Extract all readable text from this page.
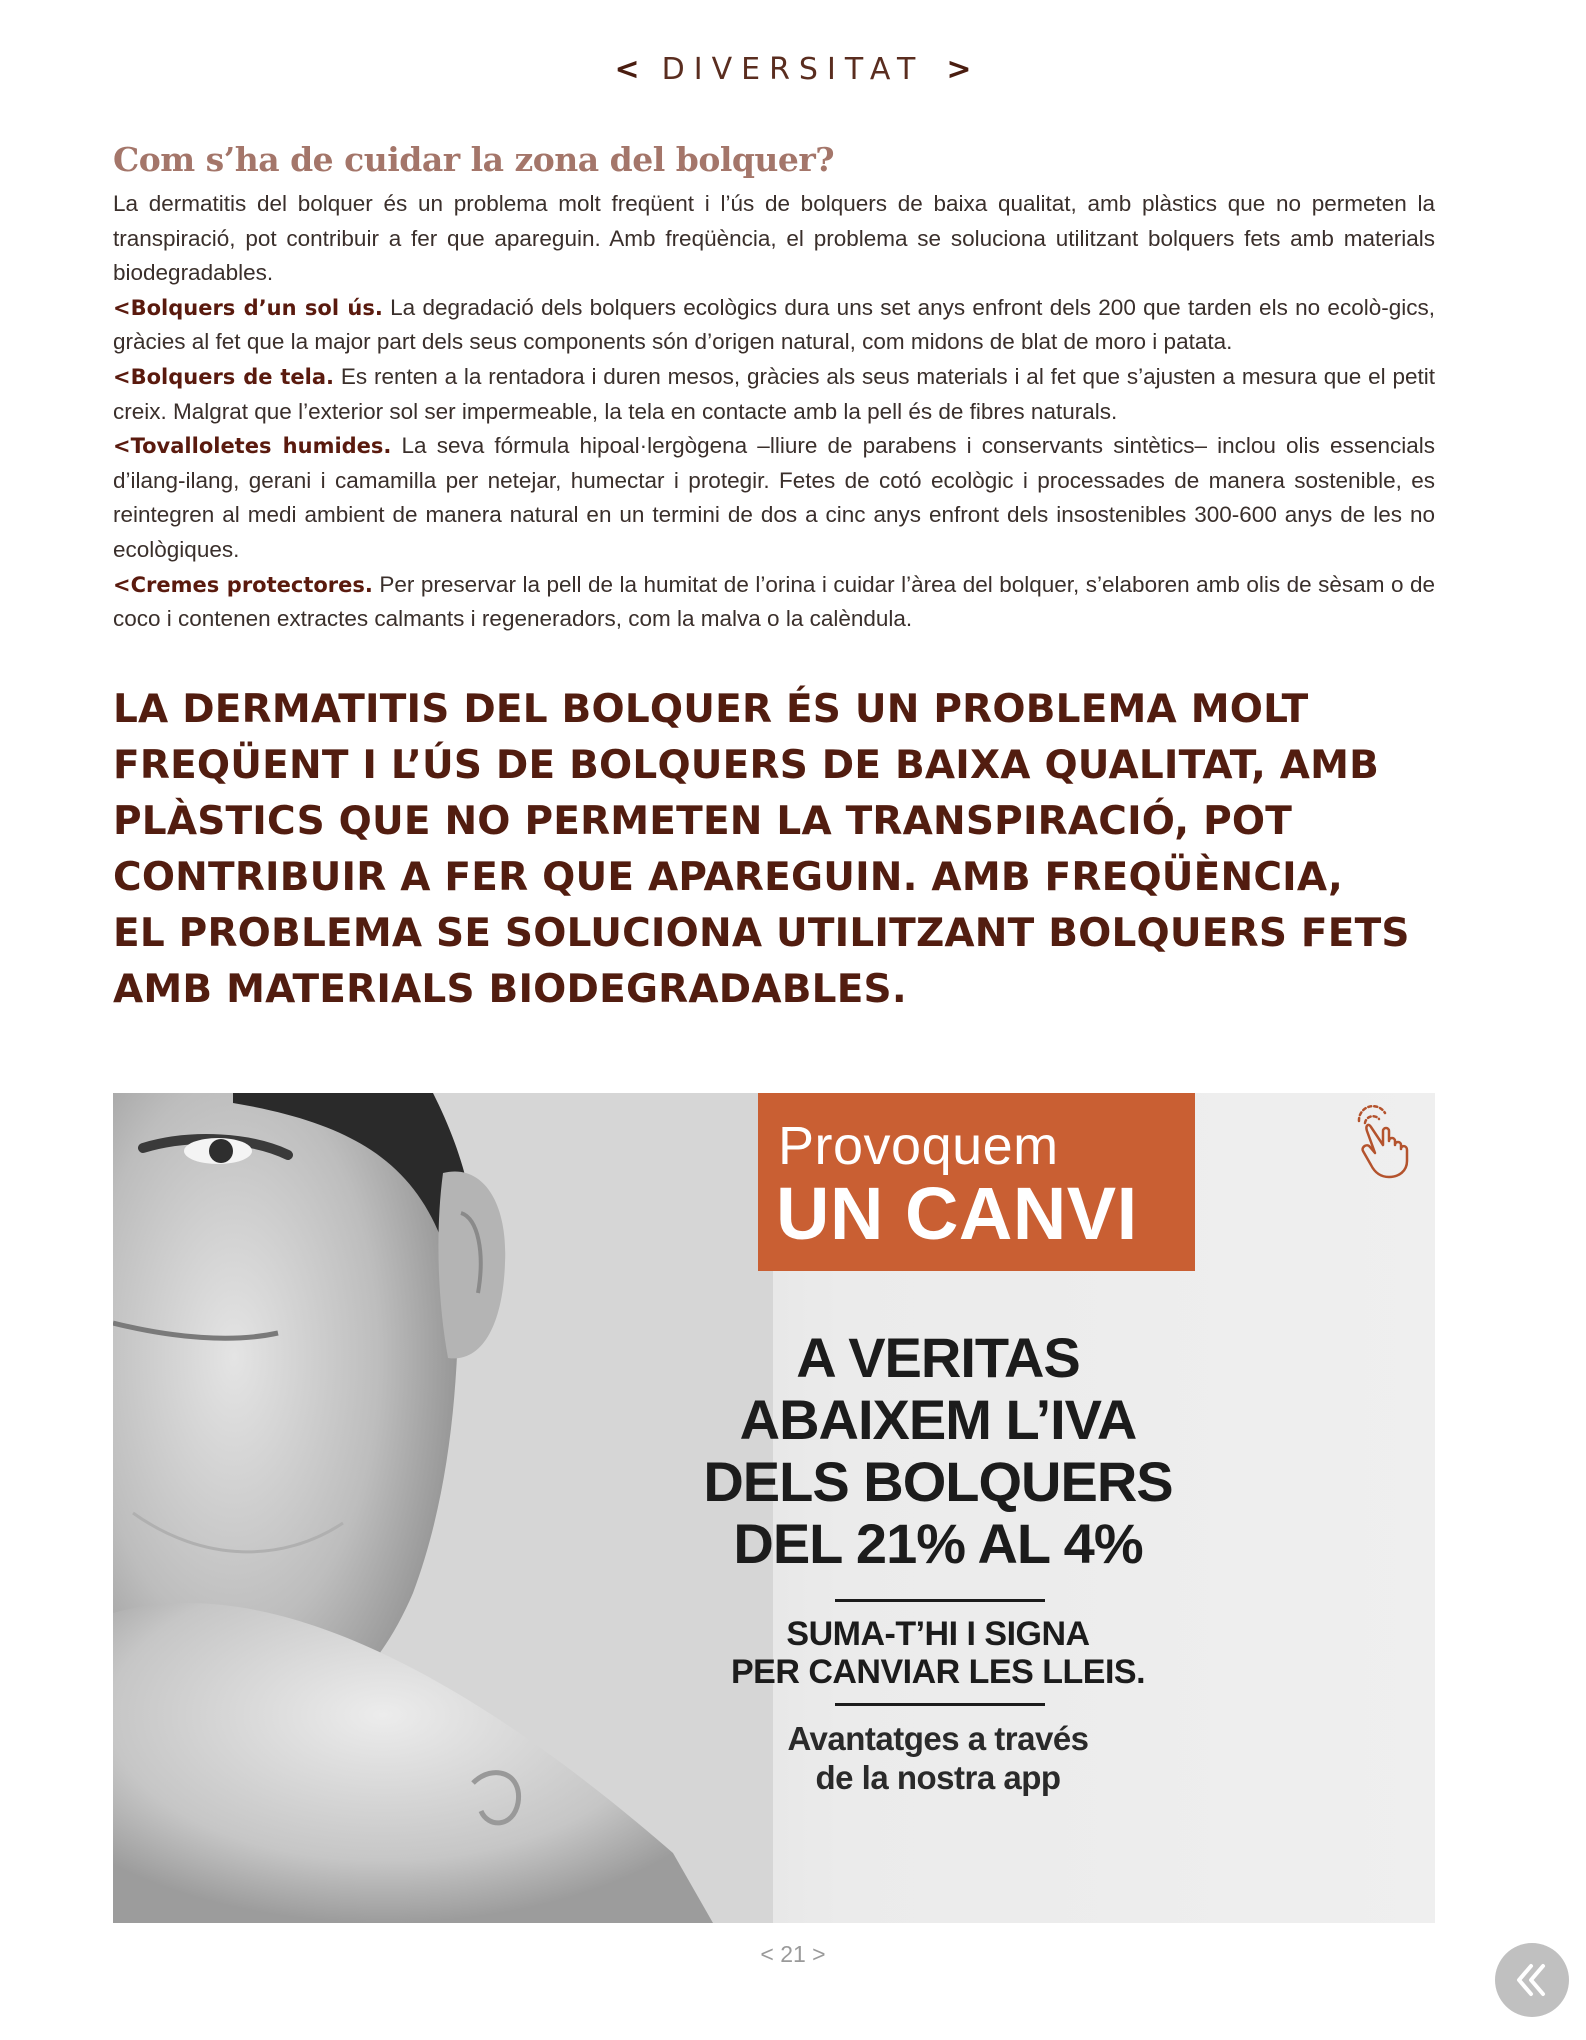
< DIVERSITAT >
Com s’ha de cuidar la zona del bolquer?

La dermatitis del bolquer és un problema molt freqüent i l’ús de bolquers de baixa qualitat, amb plàstics que no permeten la transpiració, pot contribuir a fer que apareguin. Amb freqüència, el problema se soluciona utilitzant bolquers fets amb materials biodegradables.

<Bolquers d’un sol ús. La degradació dels bolquers ecològics dura uns set anys enfront dels 200 que tarden els no ecolò-gics, gràcies al fet que la major part dels seus components són d’origen natural, com midons de blat de moro i patata.

<Bolquers de tela. Es renten a la rentadora i duren mesos, gràcies als seus materials i al fet que s’ajusten a mesura que el petit creix. Malgrat que l’exterior sol ser impermeable, la tela en contacte amb la pell és de fibres naturals.

<Tovalloletes humides. La seva fórmula hipoal·lergògena –lliure de parabens i conservants sintètics– inclou olis essencials d’ilang-ilang, gerani i camamilla per netejar, humectar i protegir. Fetes de cotó ecològic i processades de manera sostenible, es reintegren al medi ambient de manera natural en un termini de dos a cinc anys enfront dels insostenibles 300-600 anys de les no ecològiques.

<Cremes protectores. Per preservar la pell de la humitat de l’orina i cuidar l’àrea del bolquer, s’elaboren amb olis de sèsam o de coco i contenen extractes calmants i regeneradors, com la malva o la calèndula.

LA DERMATITIS DEL BOLQUER ÉS UN PROBLEMA MOLT
FREQÜENT I L’ÚS DE BOLQUERS DE BAIXA QUALITAT, AMB
PLÀSTICS QUE NO PERMETEN LA TRANSPIRACIÓ, POT
CONTRIBUIR A FER QUE APAREGUIN. AMB FREQÜÈNCIA,
EL PROBLEMA SE SOLUCIONA UTILITZANT BOLQUERS FETS
AMB MATERIALS BIODEGRADABLES.
Provoquem
UN CANVI
A VERITAS
ABAIXEM L’IVA
DELS BOLQUERS
DEL 21% AL 4%
SUMA-T’HI I SIGNA
PER CANVIAR LES LLEIS.
Avantatges a través
de la nostra app
< 21 >
